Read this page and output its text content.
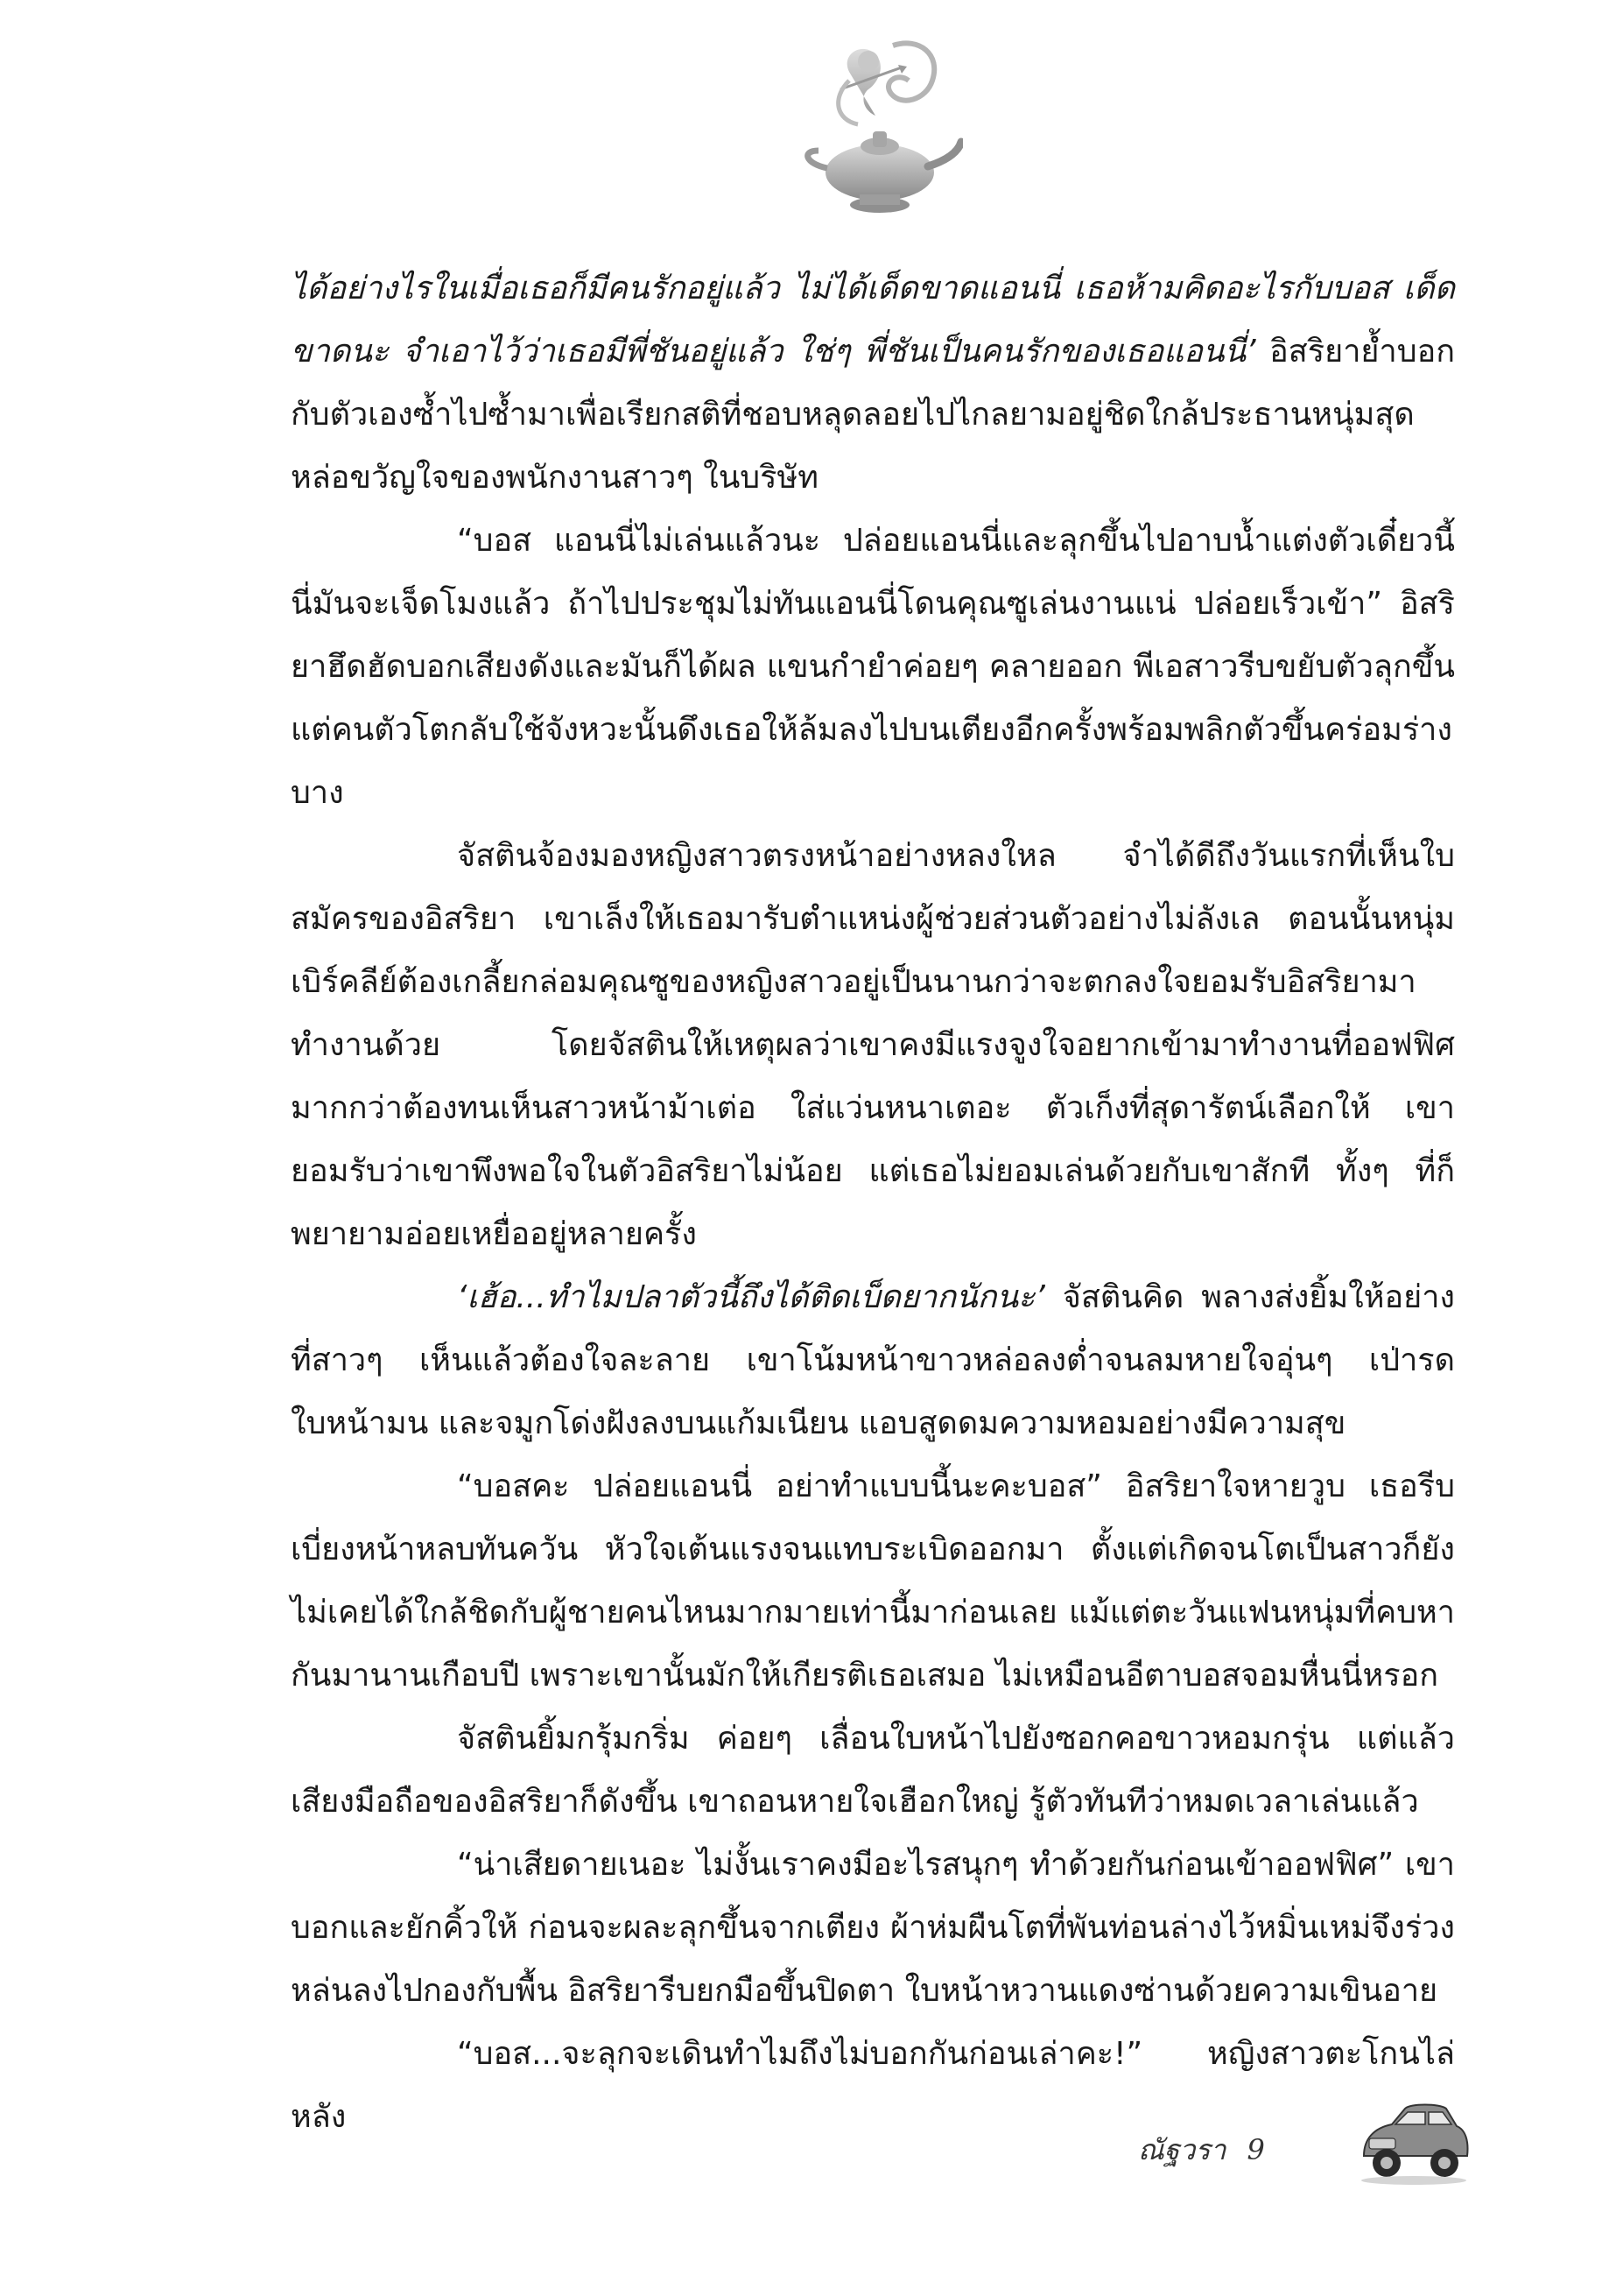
ได้อย่างไรในเมื่อเธอก็มีคนรักอยู่แล้ว ไม่ได้เด็ดขาดแอนนี่ เธอห้ามคิดอะไรกับบอส เด็ดขาดนะ จำเอาไว้ว่าเธอมีพี่ชันอยู่แล้ว ใช่ๆ พี่ชันเป็นคนรักของเธอแอนนี่’ อิสริยาย้ำบอกกับตัวเองซ้ำไปซ้ำมาเพื่อเรียกสติที่ชอบหลุดลอยไปไกลยามอยู่ชิดใกล้ประธานหนุ่มสุดหล่อขวัญใจของพนักงานสาวๆ ในบริษัท

“บอส แอนนี่ไม่เล่นแล้วนะ ปล่อยแอนนี่และลุกขึ้นไปอาบน้ำแต่งตัวเดี๋ยวนี้ นี่มันจะเจ็ดโมงแล้ว ถ้าไปประชุมไม่ทันแอนนี่โดนคุณซูเล่นงานแน่ ปล่อยเร็วเข้า” อิสริยาฮึดฮัดบอกเสียงดังและมันก็ได้ผล แขนกำยำค่อยๆ คลายออก พีเอสาวรีบขยับตัวลุกขึ้น แต่คนตัวโตกลับใช้จังหวะนั้นดึงเธอให้ล้มลงไปบนเตียงอีกครั้งพร้อมพลิกตัวขึ้นคร่อมร่างบาง

จัสตินจ้องมองหญิงสาวตรงหน้าอย่างหลงใหล จำได้ดีถึงวันแรกที่เห็นใบสมัครของอิสริยา เขาเล็งให้เธอมารับตำแหน่งผู้ช่วยส่วนตัวอย่างไม่ลังเล ตอนนั้นหนุ่มเบิร์คลีย์ต้องเกลี้ยกล่อมคุณซูของหญิงสาวอยู่เป็นนานกว่าจะตกลงใจยอมรับอิสริยามาทำงานด้วย โดยจัสตินให้เหตุผลว่าเขาคงมีแรงจูงใจอยากเข้ามาทำงานที่ออฟฟิศมากกว่าต้องทนเห็นสาวหน้าม้าเต่อ ใส่แว่นหนาเตอะ ตัวเก็งที่สุดารัตน์เลือกให้ เขายอมรับว่าเขาพึงพอใจในตัวอิสริยาไม่น้อย แต่เธอไม่ยอมเล่นด้วยกับเขาสักที ทั้งๆ ที่ก็พยายามอ่อยเหยื่ออยู่หลายครั้ง

‘เฮ้อ...ทำไมปลาตัวนี้ถึงได้ติดเบ็ดยากนักนะ’ จัสตินคิด พลางส่งยิ้มให้อย่างที่สาวๆ เห็นแล้วต้องใจละลาย เขาโน้มหน้าขาวหล่อลงต่ำจนลมหายใจอุ่นๆ เป่ารดใบหน้ามน และจมูกโด่งฝังลงบนแก้มเนียน แอบสูดดมความหอมอย่างมีความสุข

“บอสคะ ปล่อยแอนนี่ อย่าทำแบบนี้นะคะบอส” อิสริยาใจหายวูบ เธอรีบเบี่ยงหน้าหลบทันควัน หัวใจเต้นแรงจนแทบระเบิดออกมา ตั้งแต่เกิดจนโตเป็นสาวก็ยังไม่เคยได้ใกล้ชิดกับผู้ชายคนไหนมากมายเท่านี้มาก่อนเลย แม้แต่ตะวันแฟนหนุ่มที่คบหากันมานานเกือบปี เพราะเขานั้นมักให้เกียรติเธอเสมอ ไม่เหมือนอีตาบอสจอมหื่นนี่หรอก

จัสตินยิ้มกรุ้มกริ่ม ค่อยๆ เลื่อนใบหน้าไปยังซอกคอขาวหอมกรุ่น แต่แล้วเสียงมือถือของอิสริยาก็ดังขึ้น เขาถอนหายใจเฮือกใหญ่ รู้ตัวทันทีว่าหมดเวลาเล่นแล้ว

“น่าเสียดายเนอะ ไม่งั้นเราคงมีอะไรสนุกๆ ทำด้วยกันก่อนเข้าออฟฟิศ” เขาบอกและยักคิ้วให้ ก่อนจะผละลุกขึ้นจากเตียง ผ้าห่มผืนโตที่พันท่อนล่างไว้หมิ่นเหม่จึงร่วงหล่นลงไปกองกับพื้น อิสริยารีบยกมือขึ้นปิดตา ใบหน้าหวานแดงซ่านด้วยความเขินอาย

“บอส...จะลุกจะเดินทำไมถึงไม่บอกกันก่อนเล่าคะ!” หญิงสาวตะโกนไล่หลัง

ณัฐวรา 9
